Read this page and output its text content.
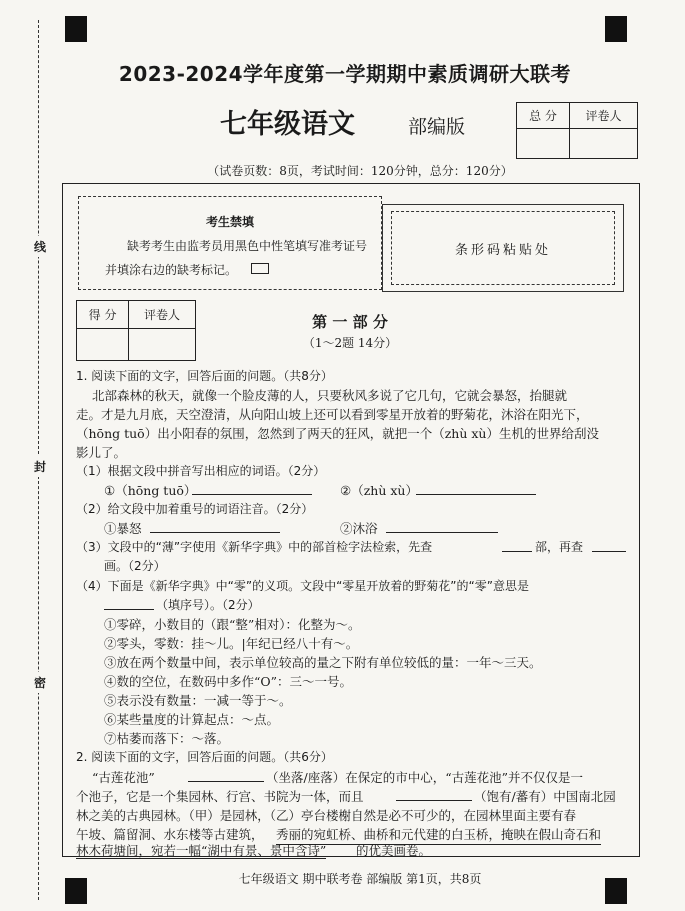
线
封
密
2023-2024学年度第一学期期中素质调研大联考
七年级语文	部编版	总 分	评卷人

（试卷页数：8页，考试时间：120分钟，总分：120分）
考生禁填
缺考考生由监考员用黑色中性笔填写准考证号
并填涂右边的缺考标记。
条形码粘贴处
得 分	评卷人
		第 一 部 分
（1～2题 14分）
1. 阅读下面的文字，回答后面的问题。（共8分）
北部森林的秋天，就像一个脸皮薄的人，只要秋风多说了它几句，它就会暴怒，抬腿就
走。才是九月底，天空澄清，从向阳山坡上还可以看到零星开放着的野菊花，沐浴在阳光下，
（hōng tuō）出小阳春的氛围，忽然到了两天的狂风，就把一个（zhù xù）生机的世界给刮没
影儿了。
（1）根据文段中拼音写出相应的词语。（2分）
①（hōng tuō）	②（zhù xù）
（2）给文段中加着重号的词语注音。（2分）
①暴怒	②沐浴
（3）文段中的“薄”字使用《新华字典》中的部首检字法检索，先查	部，再查
画。（2分）
（4）下面是《新华字典》中“零”的义项。文段中“零星开放着的野菊花”的“零”意思是
（填序号）。（2分）
①零碎，小数目的（跟“整”相对）：化整为～。
②零头，零数：挂～儿。|年纪已经八十有～。
③放在两个数量中间，表示单位较高的量之下附有单位较低的量：一年～三天。
④数的空位，在数码中多作“O”：三～一号。
⑤表示没有数量：一减一等于～。
⑥某些量度的计算起点：～点。
⑦枯萎而落下：～落。
2. 阅读下面的文字，回答后面的问题。（共6分）
“古莲花池”	（坐落/座落）在保定的市中心，“古莲花池”并不仅仅是一
个池子，它是一个集园林、行宫、书院为一体，而且	（饱有/蕃有）中国南北园
林之美的古典园林。（甲）是园林，（乙）亭台楼榭自然是必不可少的，在园林里面主要有春
午坡、篇留洞、水东楼等古建筑， 秀丽的宛虹桥、曲桥和元代建的白玉桥，掩映在假山奇石和
林木荷塘间，宛若一幅“湖中有景、景中含诗” 的优美画卷。
七年级语文 期中联考卷 部编版 第1页，共8页
